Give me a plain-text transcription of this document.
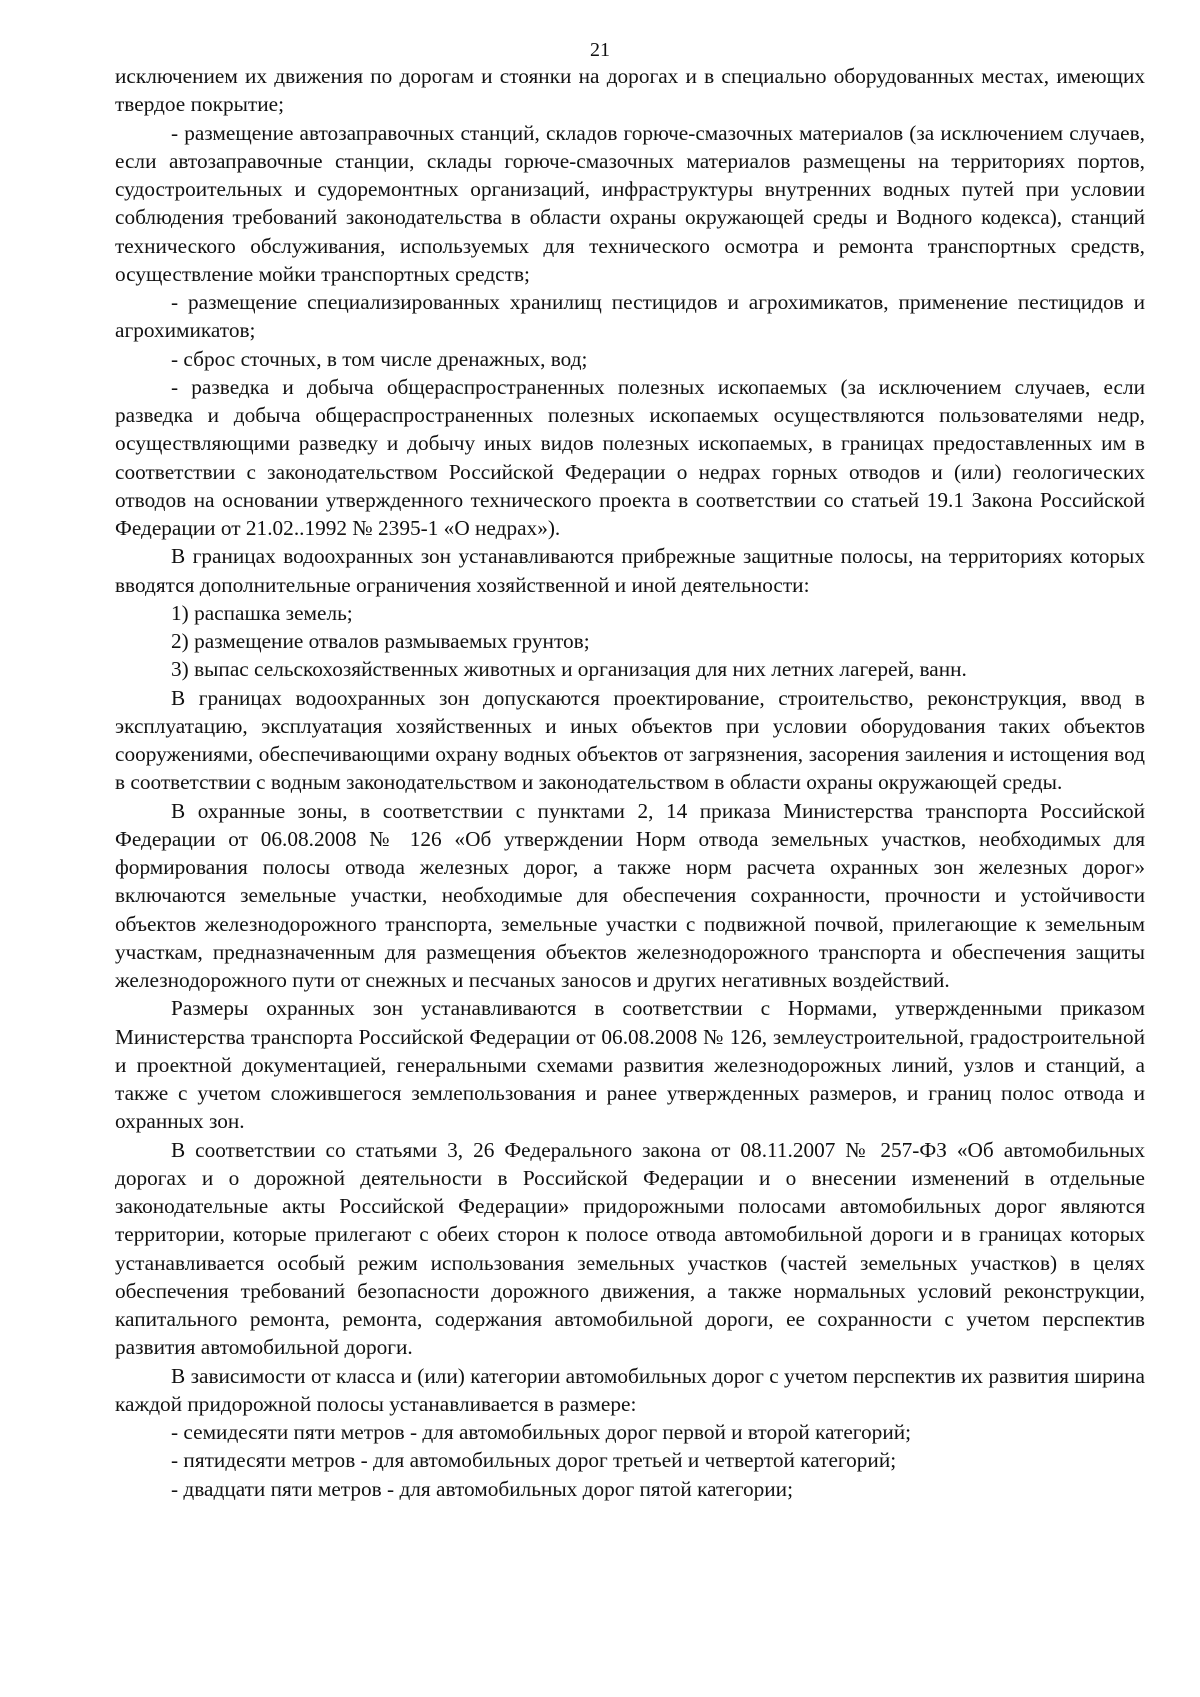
21

исключением их движения по дорогам и стоянки на дорогах и в специально оборудованных местах, имеющих твердое покрытие;

- размещение автозаправочных станций, складов горюче-смазочных материалов (за исключением случаев, если автозаправочные станции, склады горюче-смазочных материалов размещены на территориях портов, судостроительных и судоремонтных организаций, инфраструктуры внутренних водных путей при условии соблюдения требований законодательства в области охраны окружающей среды и Водного кодекса), станций технического обслуживания, используемых для технического осмотра и ремонта транспортных средств, осуществление мойки транспортных средств;

- размещение специализированных хранилищ пестицидов и агрохимикатов, применение пестицидов и агрохимикатов;

- сброс сточных, в том числе дренажных, вод;

- разведка и добыча общераспространенных полезных ископаемых (за исключением случаев, если разведка и добыча общераспространенных полезных ископаемых осуществляются пользователями недр, осуществляющими разведку и добычу иных видов полезных ископаемых, в границах предоставленных им в соответствии с законодательством Российской Федерации о недрах горных отводов и (или) геологических отводов на основании утвержденного технического проекта в соответствии со статьей 19.1 Закона Российской Федерации от 21.02..1992 № 2395-1 «О недрах»).

В границах водоохранных зон устанавливаются прибрежные защитные полосы, на территориях которых вводятся дополнительные ограничения хозяйственной и иной деятельности:

1) распашка земель;

2) размещение отвалов размываемых грунтов;

3) выпас сельскохозяйственных животных и организация для них летних лагерей, ванн.

В границах водоохранных зон допускаются проектирование, строительство, реконструкция, ввод в эксплуатацию, эксплуатация хозяйственных и иных объектов при условии оборудования таких объектов сооружениями, обеспечивающими охрану водных объектов от загрязнения, засорения заиления и истощения вод в соответствии с водным законодательством и законодательством в области охраны окружающей среды.

В охранные зоны, в соответствии с пунктами 2, 14 приказа Министерства транспорта Российской Федерации от 06.08.2008 № 126 «Об утверждении Норм отвода земельных участков, необходимых для формирования полосы отвода железных дорог, а также норм расчета охранных зон железных дорог» включаются земельные участки, необходимые для обеспечения сохранности, прочности и устойчивости объектов железнодорожного транспорта, земельные участки с подвижной почвой, прилегающие к земельным участкам, предназначенным для размещения объектов железнодорожного транспорта и обеспечения защиты железнодорожного пути от снежных и песчаных заносов и других негативных воздействий.

Размеры охранных зон устанавливаются в соответствии с Нормами, утвержденными приказом Министерства транспорта Российской Федерации от 06.08.2008 № 126, землеустроительной, градостроительной и проектной документацией, генеральными схемами развития железнодорожных линий, узлов и станций, а также с учетом сложившегося землепользования и ранее утвержденных размеров, и границ полос отвода и охранных зон.

В соответствии со статьями 3, 26 Федерального закона от 08.11.2007 № 257-ФЗ «Об автомобильных дорогах и о дорожной деятельности в Российской Федерации и о внесении изменений в отдельные законодательные акты Российской Федерации» придорожными полосами автомобильных дорог являются территории, которые прилегают с обеих сторон к полосе отвода автомобильной дороги и в границах которых устанавливается особый режим использования земельных участков (частей земельных участков) в целях обеспечения требований безопасности дорожного движения, а также нормальных условий реконструкции, капитального ремонта, ремонта, содержания автомобильной дороги, ее сохранности с учетом перспектив развития автомобильной дороги.

В зависимости от класса и (или) категории автомобильных дорог с учетом перспектив их развития ширина каждой придорожной полосы устанавливается в размере:

- семидесяти пяти метров - для автомобильных дорог первой и второй категорий;

- пятидесяти метров - для автомобильных дорог третьей и четвертой категорий;

- двадцати пяти метров - для автомобильных дорог пятой категории;
